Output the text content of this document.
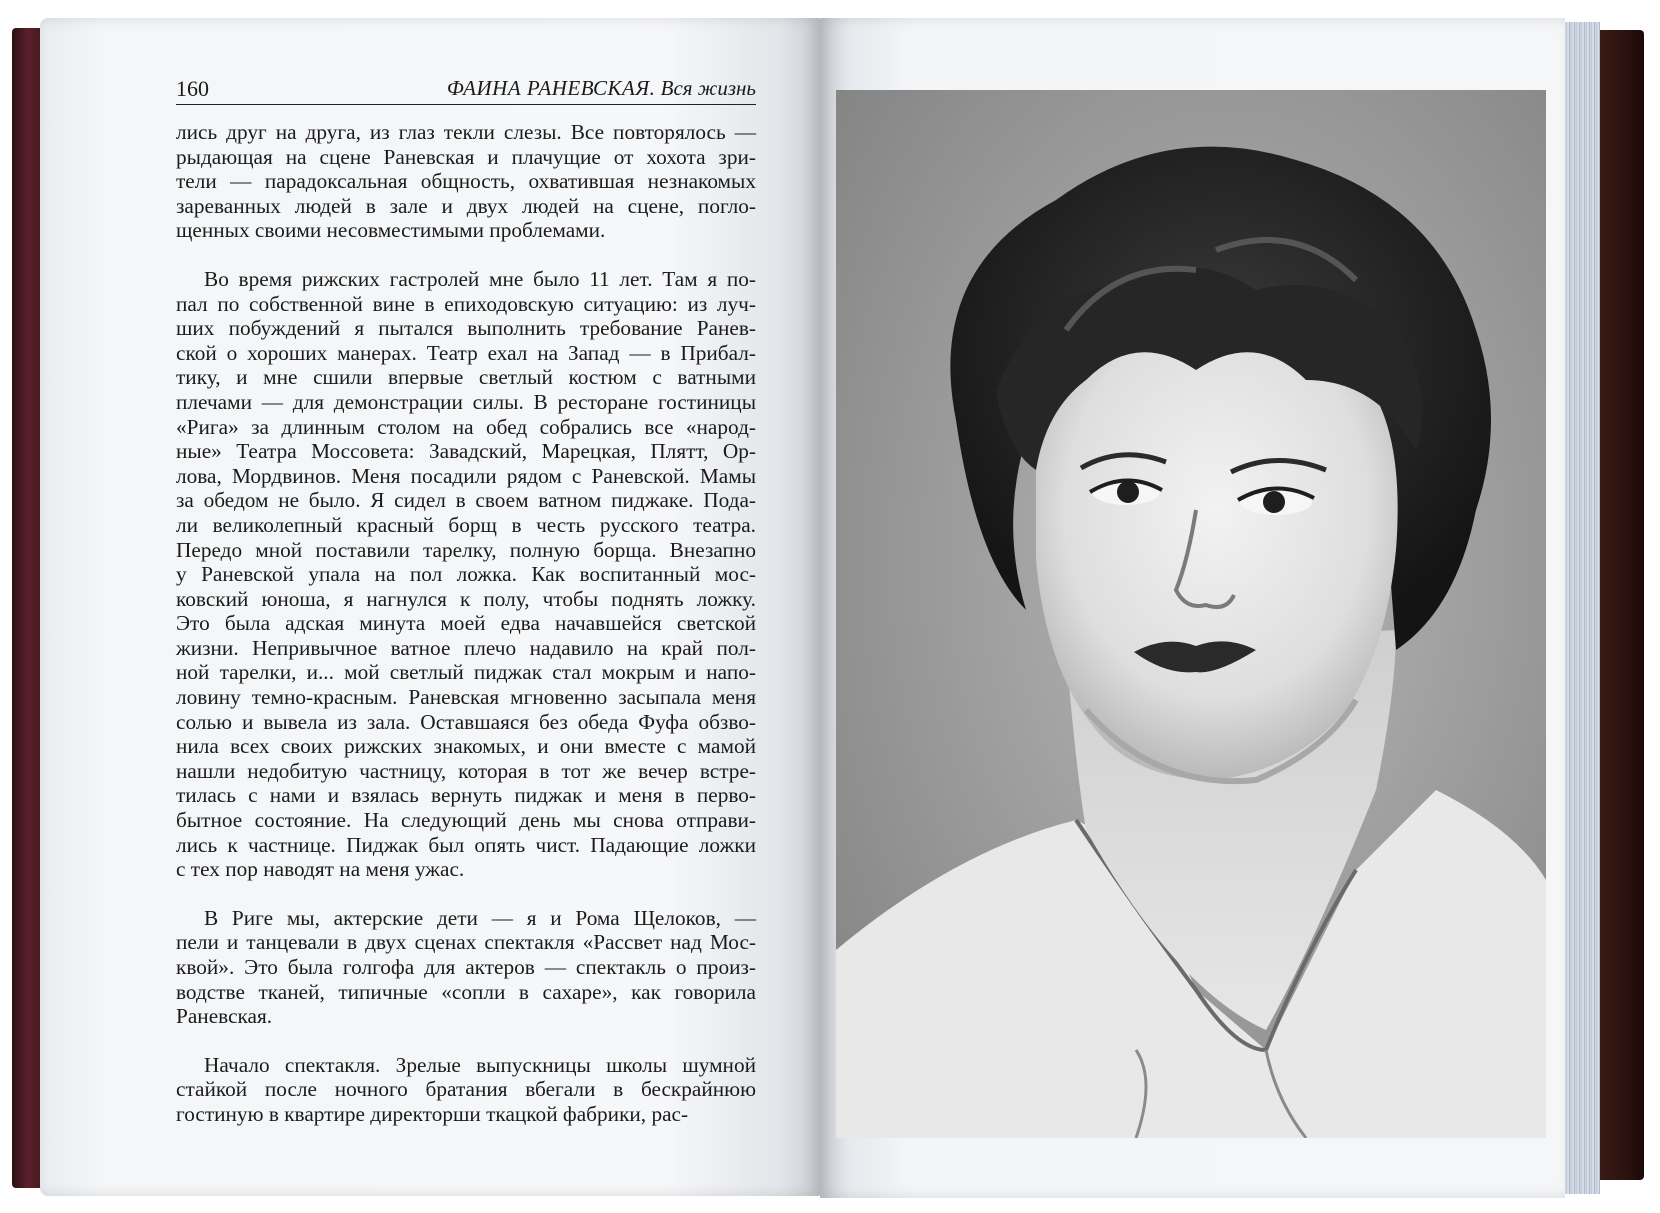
160	ФАИНА РАНЕВСКАЯ. Вся жизнь

лись друг на друга, из глаз текли слезы. Все повторялось —
рыдающая на сцене Раневская и плачущие от хохота зри-
тели — парадоксальная общность, охватившая незнакомых
зареванных людей в зале и двух людей на сцене, погло-
щенных своими несовместимыми проблемами.

Во время рижских гастролей мне было 11 лет. Там я по-
пал по собственной вине в епиходовскую ситуацию: из луч-
ших побуждений я пытался выполнить требование Ранев-
ской о хороших манерах. Театр ехал на Запад — в Прибал-
тику, и мне сшили впервые светлый костюм с ватными
плечами — для демонстрации силы. В ресторане гостиницы
«Рига» за длинным столом на обед собрались все «народ-
ные» Театра Моссовета: Завадский, Марецкая, Плятт, Ор-
лова, Мордвинов. Меня посадили рядом с Раневской. Мамы
за обедом не было. Я сидел в своем ватном пиджаке. Пода-
ли великолепный красный борщ в честь русского театра.
Передо мной поставили тарелку, полную борща. Внезапно
у Раневской упала на пол ложка. Как воспитанный мос-
ковский юноша, я нагнулся к полу, чтобы поднять ложку.
Это была адская минута моей едва начавшейся светской
жизни. Непривычное ватное плечо надавило на край пол-
ной тарелки, и... мой светлый пиджак стал мокрым и напо-
ловину темно-красным. Раневская мгновенно засыпала меня
солью и вывела из зала. Оставшаяся без обеда Фуфа обзво-
нила всех своих рижских знакомых, и они вместе с мамой
нашли недобитую частницу, которая в тот же вечер встре-
тилась с нами и взялась вернуть пиджак и меня в перво-
бытное состояние. На следующий день мы снова отправи-
лись к частнице. Пиджак был опять чист. Падающие ложки
с тех пор наводят на меня ужас.

В Риге мы, актерские дети — я и Рома Щелоков, —
пели и танцевали в двух сценах спектакля «Рассвет над Мос-
квой». Это была голгофа для актеров — спектакль о произ-
водстве тканей, типичные «сопли в сахаре», как говорила
Раневская.

Начало спектакля. Зрелые выпускницы школы шумной
стайкой после ночного братания вбегали в бескрайнюю
гостиную в квартире директорши ткацкой фабрики, рас-
